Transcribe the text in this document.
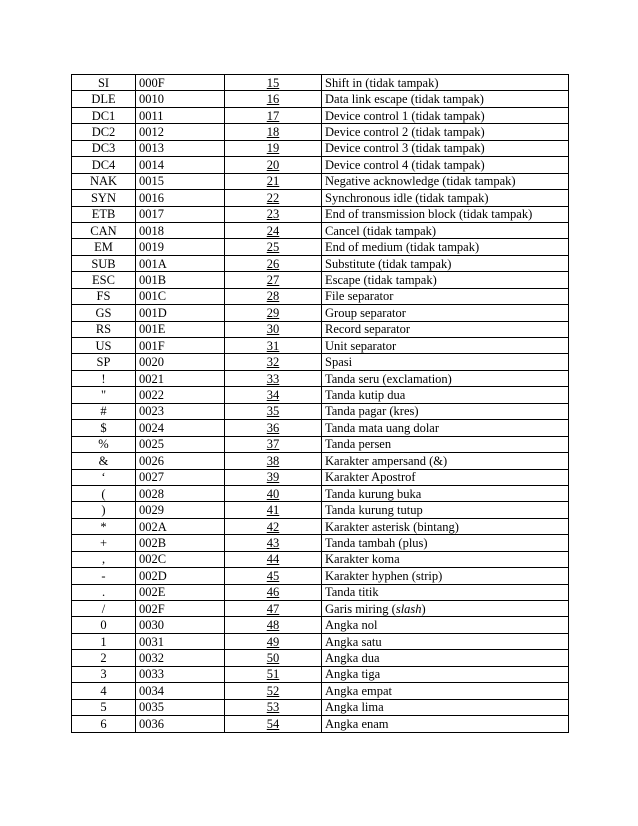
SI	000F	15	Shift in (tidak tampak)
DLE	0010	16	Data link escape (tidak tampak)
DC1	0011	17	Device control 1 (tidak tampak)
DC2	0012	18	Device control 2 (tidak tampak)
DC3	0013	19	Device control 3 (tidak tampak)
DC4	0014	20	Device control 4 (tidak tampak)
NAK	0015	21	Negative acknowledge (tidak tampak)
SYN	0016	22	Synchronous idle (tidak tampak)
ETB	0017	23	End of transmission block (tidak tampak)
CAN	0018	24	Cancel (tidak tampak)
EM	0019	25	End of medium (tidak tampak)
SUB	001A	26	Substitute (tidak tampak)
ESC	001B	27	Escape (tidak tampak)
FS	001C	28	File separator
GS	001D	29	Group separator
RS	001E	30	Record separator
US	001F	31	Unit separator
SP	0020	32	Spasi
!	0021	33	Tanda seru (exclamation)
"	0022	34	Tanda kutip dua
#	0023	35	Tanda pagar (kres)
$	0024	36	Tanda mata uang dolar
%	0025	37	Tanda persen
&	0026	38	Karakter ampersand (&)
‘	0027	39	Karakter Apostrof
(	0028	40	Tanda kurung buka
)	0029	41	Tanda kurung tutup
*	002A	42	Karakter asterisk (bintang)
+	002B	43	Tanda tambah (plus)
,	002C	44	Karakter koma
-	002D	45	Karakter hyphen (strip)
.	002E	46	Tanda titik
/	002F	47	Garis miring (slash)
0	0030	48	Angka nol
1	0031	49	Angka satu
2	0032	50	Angka dua
3	0033	51	Angka tiga
4	0034	52	Angka empat
5	0035	53	Angka lima
6	0036	54	Angka enam
